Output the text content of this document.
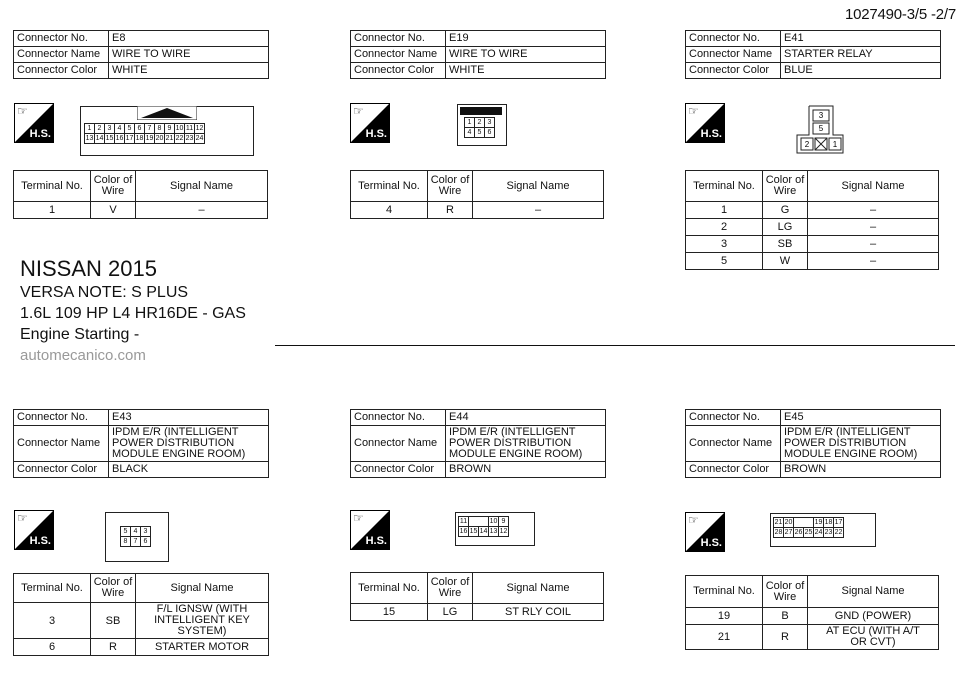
1027490-3/5 -2/7
Connector No.	E8
Connector Name	WIRE TO WIRE
Connector Color	WHITE
☞
H.S.	1	2	3	4	5	6	7	8	9	10	11	12
13	14	15	16	17	18	19	20	21	22	23	24
Terminal No.	Color of Wire	Signal Name
1	V	–
Connector No.	E19
Connector Name	WIRE TO WIRE
Connector Color	WHITE
☞
H.S.
1	2	3
4	5	6
Terminal No.	Color of Wire	Signal Name
4	R	–
Connector No.	E41
Connector Name	STARTER RELAY
Connector Color	BLUE
☞
H.S.
3
5
2	1
Terminal No.	Color of Wire	Signal Name
1	G	–
2	LG	–
3	SB	–
5	W	–
NISSAN 2015
VERSA NOTE: S PLUS
1.6L 109 HP L4 HR16DE - GAS
Engine Starting -
automecanico.com
Connector No.	E43
Connector Name	IPDM E/R (INTELLIGENT POWER DISTRIBUTION MODULE ENGINE ROOM)
Connector Color	BLACK
☞
H.S.
5	4	3
8	7	6
Terminal No.	Color of Wire	Signal Name
3	SB	F/L IGNSW (WITH INTELLIGENT KEY SYSTEM)
6	R	STARTER MOTOR
Connector No.	E44
Connector Name	IPDM E/R (INTELLIGENT POWER DISTRIBUTION MODULE ENGINE ROOM)
Connector Color	BROWN
☞
H.S.
11			10	9
16	15	14	13	12
Terminal No.	Color of Wire	Signal Name
15	LG	ST RLY COIL
Connector No.	E45
Connector Name	IPDM E/R (INTELLIGENT POWER DISTRIBUTION MODULE ENGINE ROOM)
Connector Color	BROWN
☞
H.S.
21	20			19	18	17
28	27	26	25	24	23	22
Terminal No.	Color of Wire	Signal Name
19	B	GND (POWER)
21	R	AT ECU (WITH A/T OR CVT)
